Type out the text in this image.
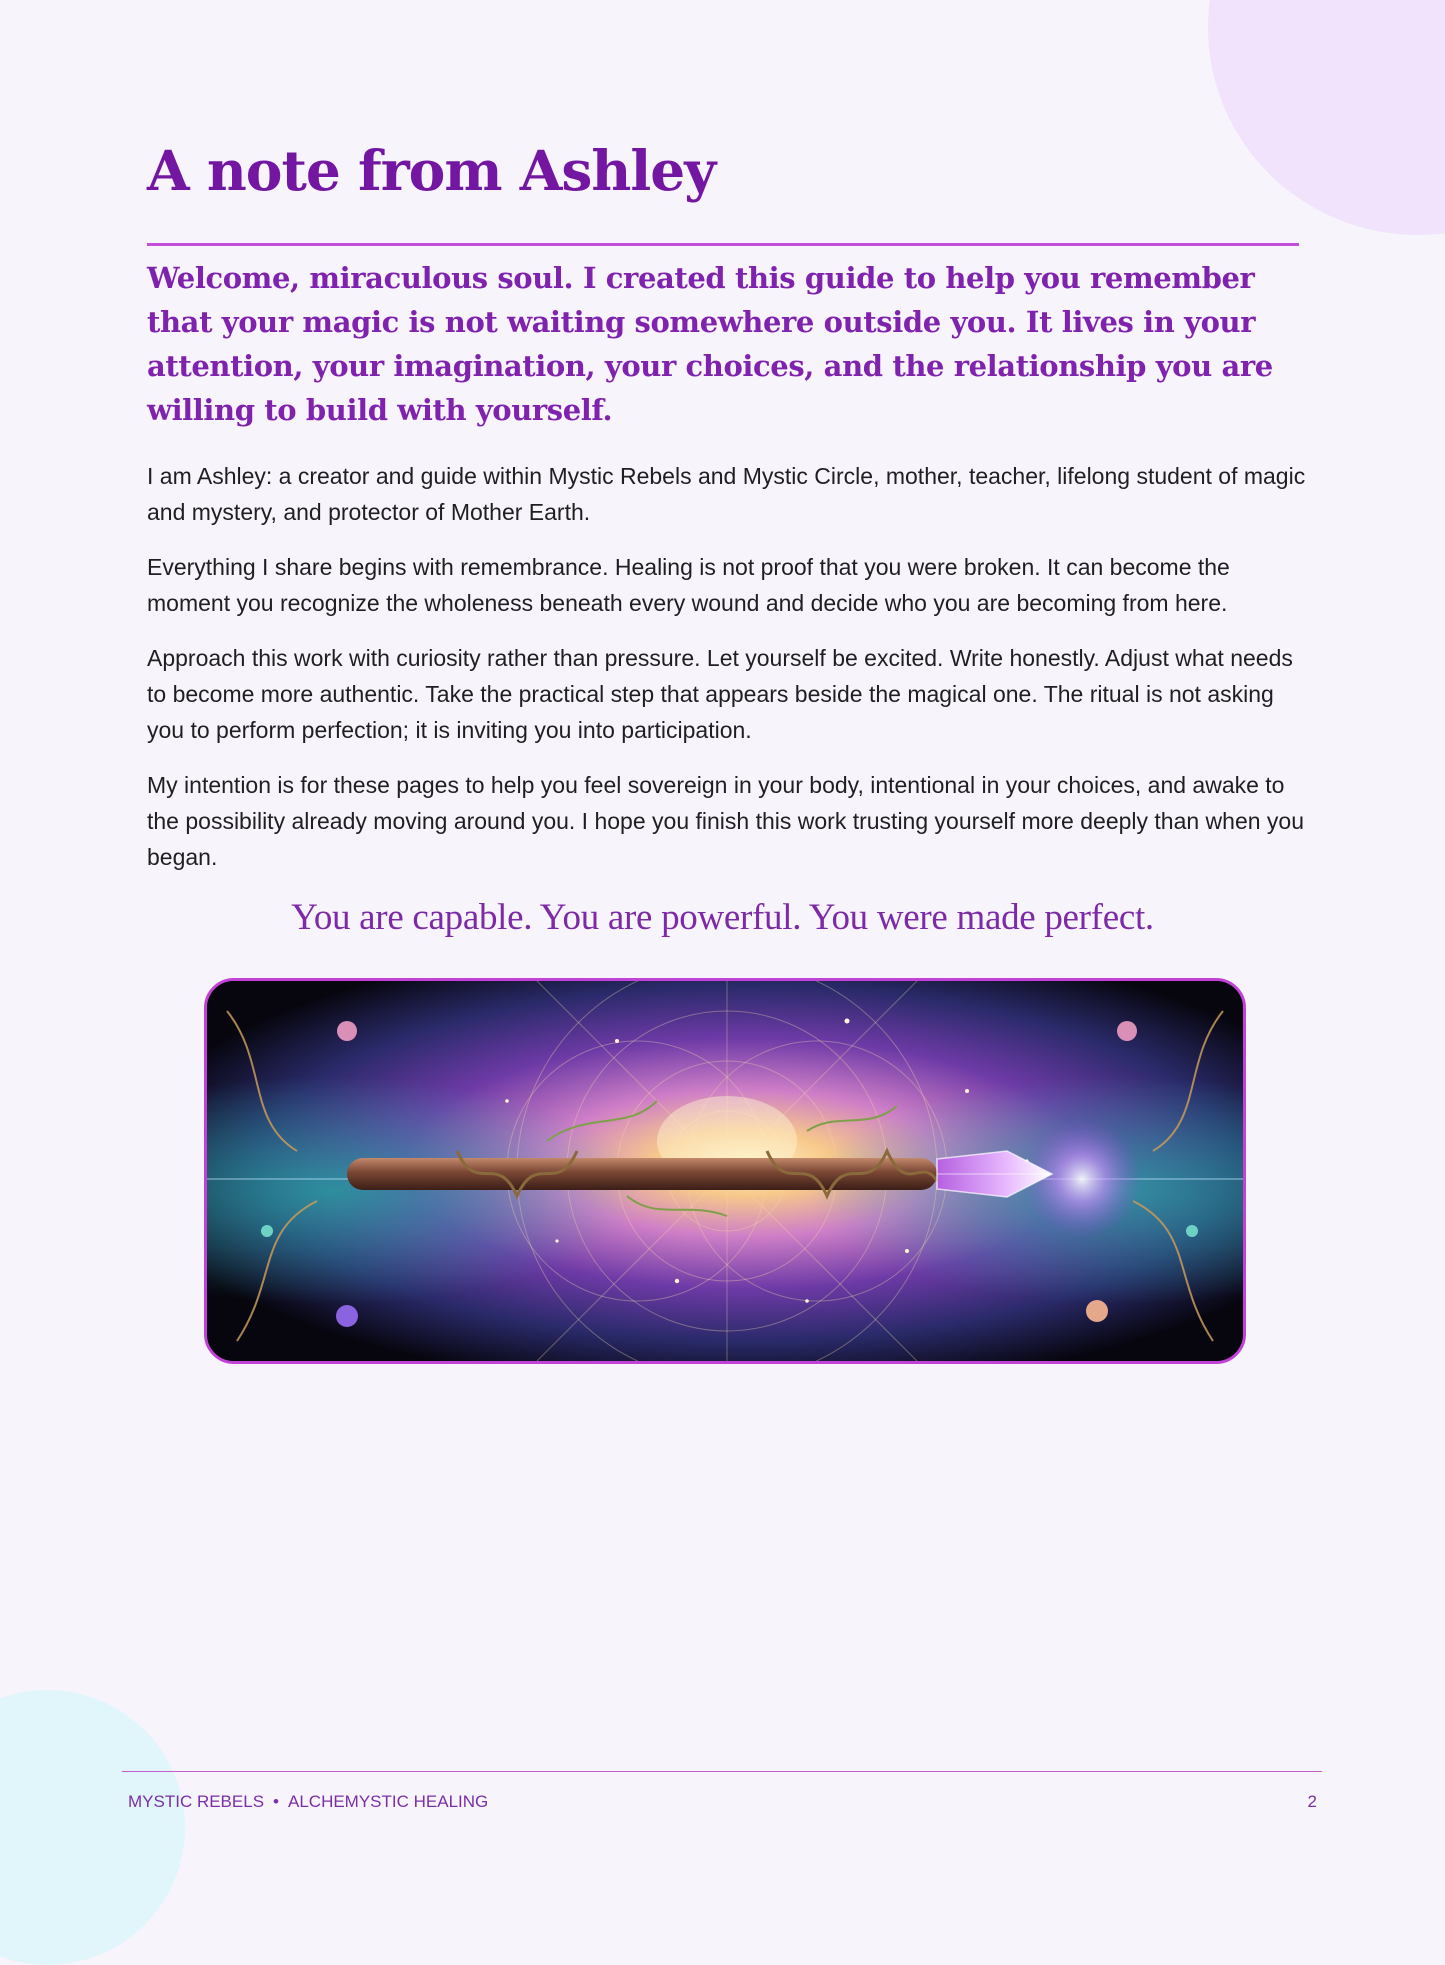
A note from Ashley

Welcome, miraculous soul. I created this guide to help you remember that your magic is not waiting somewhere outside you. It lives in your attention, your imagination, your choices, and the relationship you are willing to build with yourself.

I am Ashley: a creator and guide within Mystic Rebels and Mystic Circle, mother, teacher, lifelong student of magic and mystery, and protector of Mother Earth.

Everything I share begins with remembrance. Healing is not proof that you were broken. It can become the moment you recognize the wholeness beneath every wound and decide who you are becoming from here.

Approach this work with curiosity rather than pressure. Let yourself be excited. Write honestly. Adjust what needs to become more authentic. Take the practical step that appears beside the magical one. The ritual is not asking you to perform perfection; it is inviting you into participation.

My intention is for these pages to help you feel sovereign in your body, intentional in your choices, and awake to the possibility already moving around you. I hope you finish this work trusting yourself more deeply than when you began.

You are capable. You are powerful. You were made perfect.
MYSTIC REBELS • ALCHEMYSTIC HEALING	2
